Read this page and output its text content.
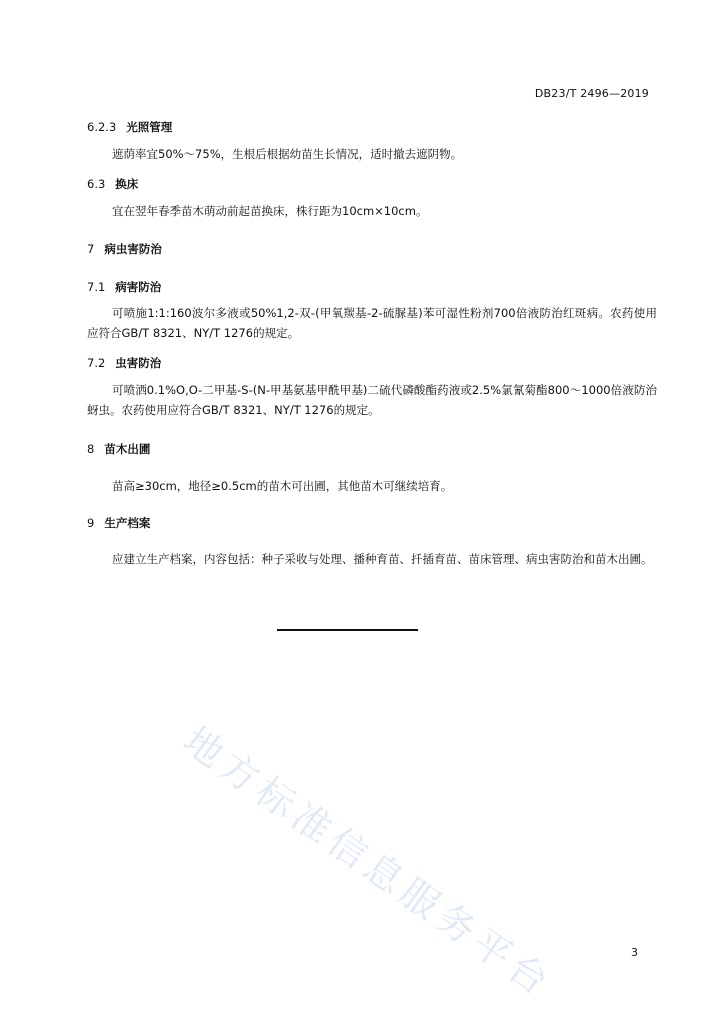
DB23/T 2496—2019
6.2.3 光照管理
遮荫率宜50%～75%，生根后根据幼苗生长情况，适时撤去遮阴物。
6.3 换床
宜在翌年春季苗木萌动前起苗换床，株行距为10cm×10cm。
7 病虫害防治
7.1 病害防治
可喷施1:1:160波尔多液或50%1,2-双-(甲氧羰基-2-硫脲基)苯可湿性粉剂700倍液防治红斑病。农药使用应符合GB/T 8321、NY/T 1276的规定。
7.2 虫害防治
可喷洒0.1%O,O-二甲基-S-(N-甲基氨基甲酰甲基)二硫代磷酸酯药液或2.5%氯氰菊酯800～1000倍液防治蚜虫。农药使用应符合GB/T 8321、NY/T 1276的规定。
8 苗木出圃
苗高≥30cm，地径≥0.5cm的苗木可出圃，其他苗木可继续培育。
9 生产档案
应建立生产档案，内容包括：种子采收与处理、播种育苗、扦插育苗、苗床管理、病虫害防治和苗木出圃。
地方标准信息服务平台	3
